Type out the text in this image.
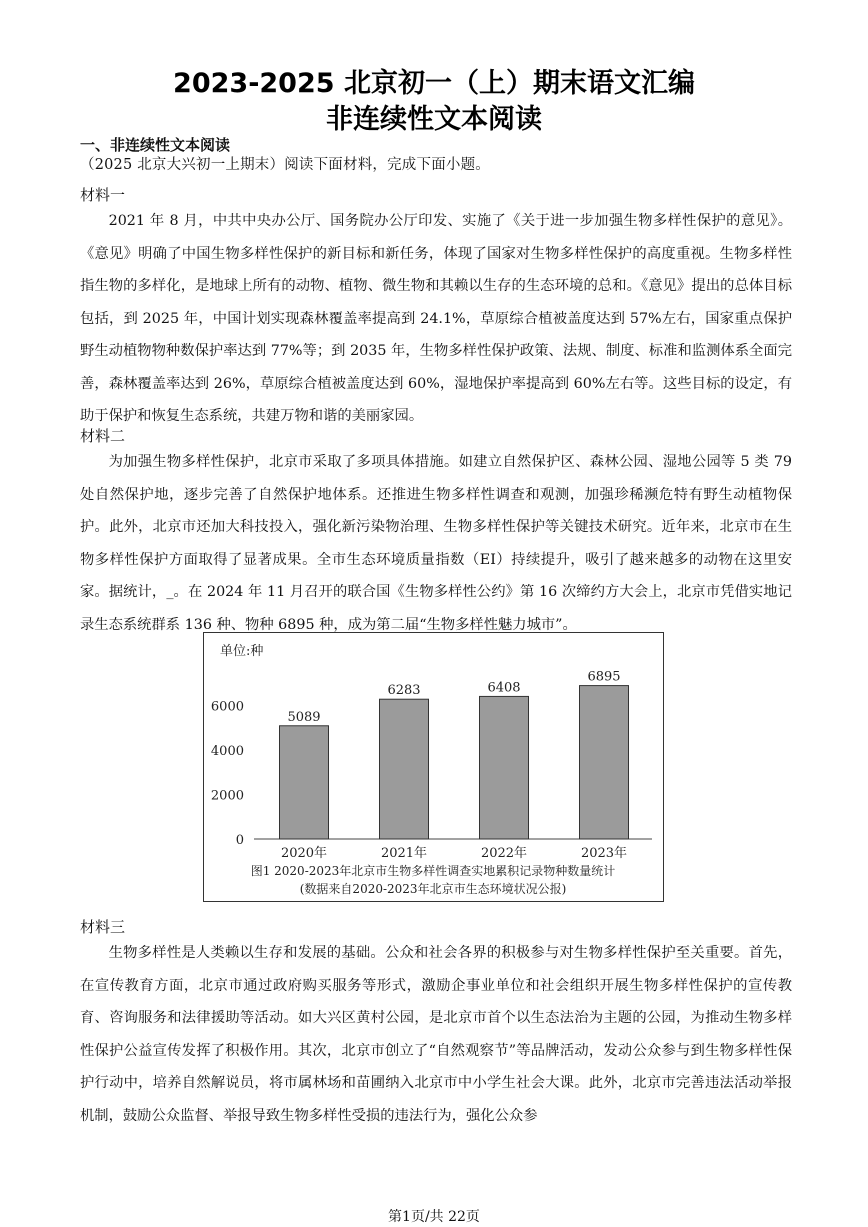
2023-2025 北京初一（上）期末语文汇编
非连续性文本阅读
一、非连续性文本阅读
（2025 北京大兴初一上期末）阅读下面材料，完成下面小题。
材料一
2021 年 8 月，中共中央办公厅、国务院办公厅印发、实施了《关于进一步加强生物多样性保护的意见》。《意见》明确了中国生物多样性保护的新目标和新任务，体现了国家对生物多样性保护的高度重视。生物多样性指生物的多样化，是地球上所有的动物、植物、微生物和其赖以生存的生态环境的总和。《意见》提出的总体目标包括，到 2025 年，中国计划实现森林覆盖率提高到 24.1%，草原综合植被盖度达到 57%左右，国家重点保护野生动植物物种数保护率达到 77%等；到 2035 年，生物多样性保护政策、法规、制度、标准和监测体系全面完善，森林覆盖率达到 26%，草原综合植被盖度达到 60%，湿地保护率提高到 60%左右等。这些目标的设定，有助于保护和恢复生态系统，共建万物和谐的美丽家园。
材料二
为加强生物多样性保护，北京市采取了多项具体措施。如建立自然保护区、森林公园、湿地公园等 5 类 79 处自然保护地，逐步完善了自然保护地体系。还推进生物多样性调查和观测，加强珍稀濒危特有野生动植物保护。此外，北京市还加大科技投入，强化新污染物治理、生物多样性保护等关键技术研究。近年来，北京市在生物多样性保护方面取得了显著成果。全市生态环境质量指数（EI）持续提升，吸引了越来越多的动物在这里安家。据统计，_。在 2024 年 11 月召开的联合国《生物多样性公约》第 16 次缔约方大会上，北京市凭借实地记录生态系统群系 136 种、物种 6895 种，成为第二届“生物多样性魅力城市”。
单位:种
0
2000
4000
6000
5089
2020年
6283
2021年
6408
2022年
6895
2023年
图1 2020-2023年北京市生物多样性调查实地累积记录物种数量统计
(数据来自2020-2023年北京市生态环境状况公报)
材料三
生物多样性是人类赖以生存和发展的基础。公众和社会各界的积极参与对生物多样性保护至关重要。首先，在宣传教育方面，北京市通过政府购买服务等形式，激励企事业单位和社会组织开展生物多样性保护的宣传教育、咨询服务和法律援助等活动。如大兴区黄村公园，是北京市首个以生态法治为主题的公园，为推动生物多样性保护公益宣传发挥了积极作用。其次，北京市创立了“自然观察节”等品牌活动，发动公众参与到生物多样性保护行动中，培养自然解说员，将市属林场和苗圃纳入北京市中小学生社会大课。此外，北京市完善违法活动举报机制，鼓励公众监督、举报导致生物多样性受损的违法行为，强化公众参
第1页/共 22页
